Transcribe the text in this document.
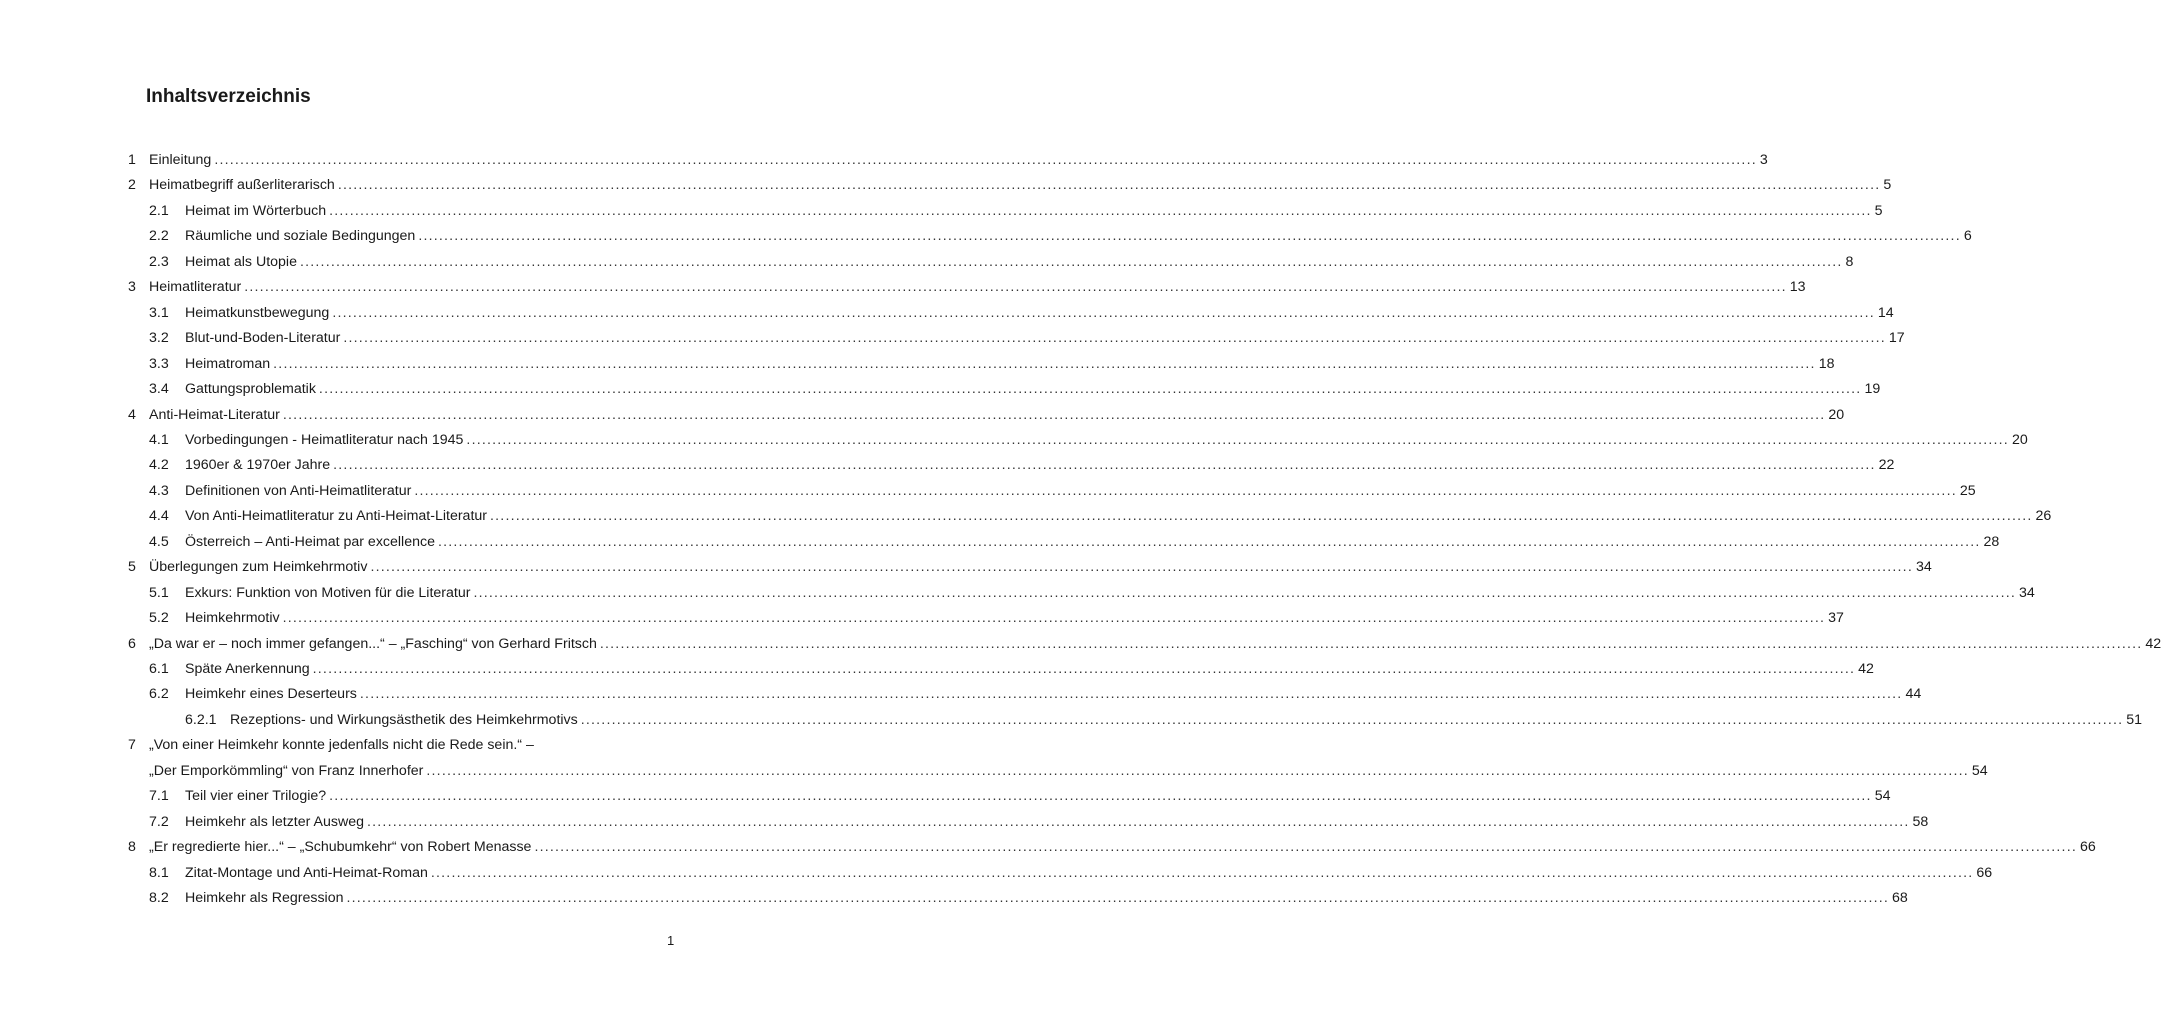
Inhaltsverzeichnis
1 Einleitung ............................................................................................................................................................................................................................................................................................................ 3
2 Heimatbegriff außerliterarisch ............................................................................................................................................................................................................................................................................................................ 5
2.1 Heimat im Wörterbuch ............................................................................................................................................................................................................................................................................................................ 5
2.2 Räumliche und soziale Bedingungen ............................................................................................................................................................................................................................................................................................................ 6
2.3 Heimat als Utopie ............................................................................................................................................................................................................................................................................................................ 8
3 Heimatliteratur ............................................................................................................................................................................................................................................................................................................ 13
3.1 Heimatkunstbewegung ............................................................................................................................................................................................................................................................................................................ 14
3.2 Blut-und-Boden-Literatur ............................................................................................................................................................................................................................................................................................................ 17
3.3 Heimatroman ............................................................................................................................................................................................................................................................................................................ 18
3.4 Gattungsproblematik ............................................................................................................................................................................................................................................................................................................ 19
4 Anti-Heimat-Literatur ............................................................................................................................................................................................................................................................................................................ 20
4.1 Vorbedingungen - Heimatliteratur nach 1945 ............................................................................................................................................................................................................................................................................................................ 20
4.2 1960er & 1970er Jahre ............................................................................................................................................................................................................................................................................................................ 22
4.3 Definitionen von Anti-Heimatliteratur ............................................................................................................................................................................................................................................................................................................ 25
4.4 Von Anti-Heimatliteratur zu Anti-Heimat-Literatur ............................................................................................................................................................................................................................................................................................................ 26
4.5 Österreich – Anti-Heimat par excellence ............................................................................................................................................................................................................................................................................................................ 28
5 Überlegungen zum Heimkehrmotiv ............................................................................................................................................................................................................................................................................................................ 34
5.1 Exkurs: Funktion von Motiven für die Literatur ............................................................................................................................................................................................................................................................................................................ 34
5.2 Heimkehrmotiv ............................................................................................................................................................................................................................................................................................................ 37
6 „Da war er – noch immer gefangen...“ – „Fasching“ von Gerhard Fritsch ............................................................................................................................................................................................................................................................................................................ 42
6.1 Späte Anerkennung ............................................................................................................................................................................................................................................................................................................ 42
6.2 Heimkehr eines Deserteurs ............................................................................................................................................................................................................................................................................................................ 44
6.2.1 Rezeptions- und Wirkungsästhetik des Heimkehrmotivs ............................................................................................................................................................................................................................................................................................................ 51
7 „Von einer Heimkehr konnte jedenfalls nicht die Rede sein.“ –
„Der Emporkömmling“ von Franz Innerhofer ............................................................................................................................................................................................................................................................................................................ 54
7.1 Teil vier einer Trilogie? ............................................................................................................................................................................................................................................................................................................ 54
7.2 Heimkehr als letzter Ausweg ............................................................................................................................................................................................................................................................................................................ 58
8 „Er regredierte hier...“ – „Schubumkehr“ von Robert Menasse ............................................................................................................................................................................................................................................................................................................ 66
8.1 Zitat-Montage und Anti-Heimat-Roman ............................................................................................................................................................................................................................................................................................................ 66
8.2 Heimkehr als Regression ............................................................................................................................................................................................................................................................................................................ 68
1
